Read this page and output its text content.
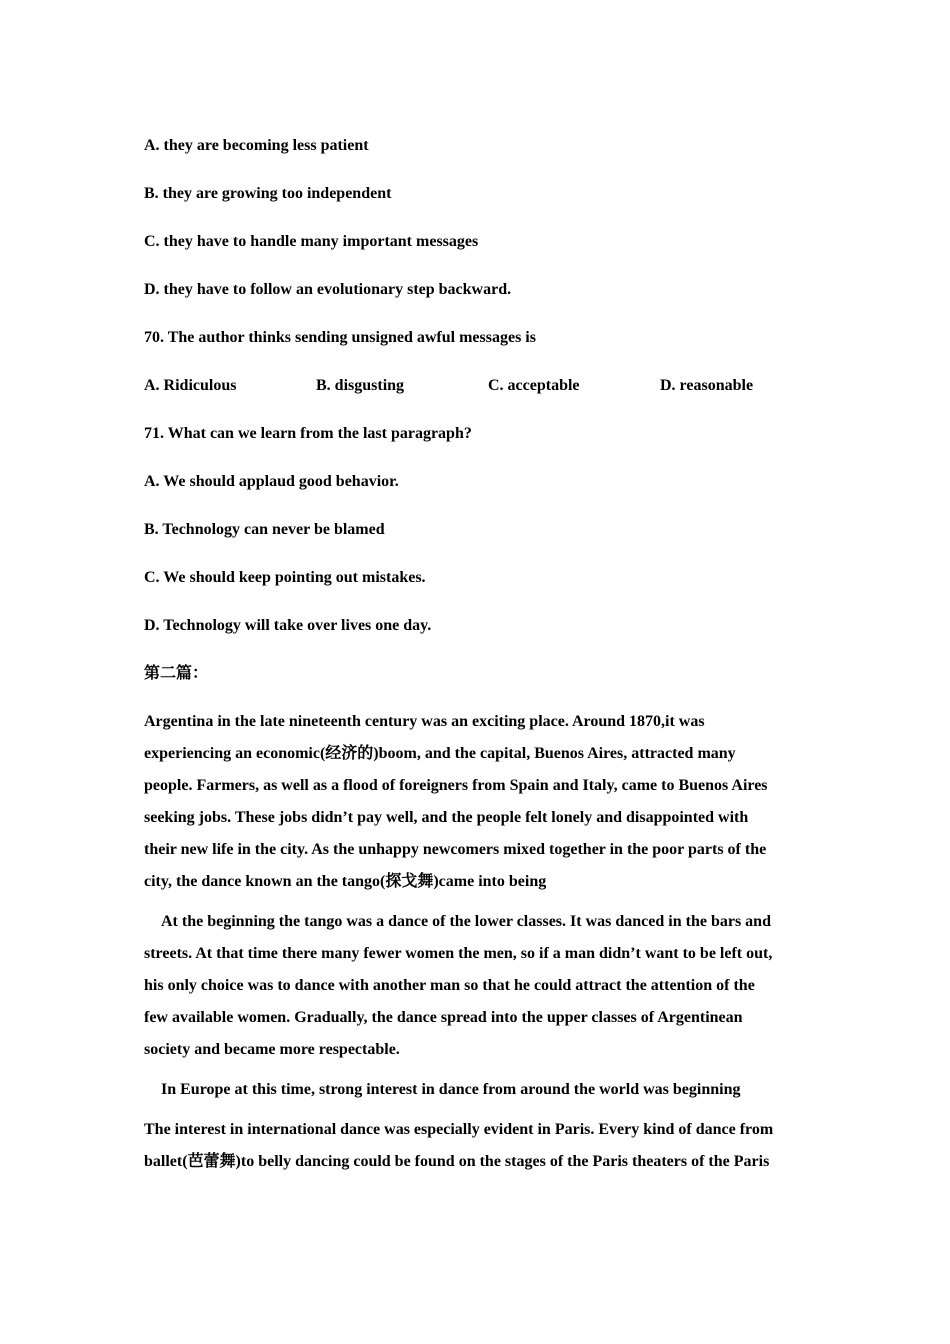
A. they are becoming less patient
B. they are growing too independent
C. they have to handle many important messages
D. they have to follow an evolutionary step backward.
70. The author thinks sending unsigned awful messages is
A. Ridiculous	B. disgusting	C. acceptable	D. reasonable
71. What can we learn from the last paragraph?
A. We should applaud good behavior.
B. Technology can never be blamed
C. We should keep pointing out mistakes.
D. Technology will take over lives one day.
第二篇：
Argentina in the late nineteenth century was an exciting place. Around 1870,it was
experiencing an economic(经济的)boom, and the capital, Buenos Aires, attracted many
people. Farmers, as well as a flood of foreigners from Spain and Italy, came to Buenos Aires
seeking jobs. These jobs didn’t pay well, and the people felt lonely and disappointed with
their new life in the city. As the unhappy newcomers mixed together in the poor parts of the
city, the dance known an the tango(探戈舞)came into being
At the beginning the tango was a dance of the lower classes. It was danced in the bars and
streets. At that time there many fewer women the men, so if a man didn’t want to be left out,
his only choice was to dance with another man so that he could attract the attention of the
few available women. Gradually, the dance spread into the upper classes of Argentinean
society and became more respectable.
In Europe at this time, strong interest in dance from around the world was beginning
The interest in international dance was especially evident in Paris. Every kind of dance from
ballet(芭蕾舞)to belly dancing could be found on the stages of the Paris theaters of the Paris
